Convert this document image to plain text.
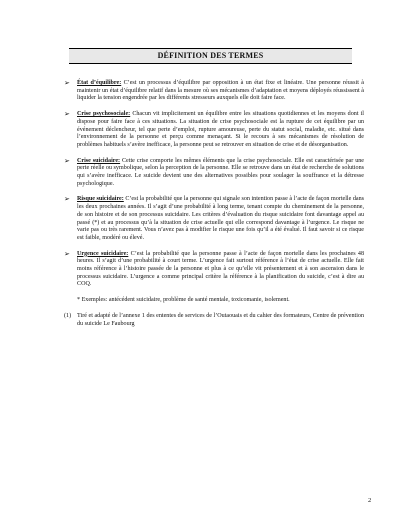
DÉFINITION DES TERMES
➢ État d’équilibre: C’est un processus d’équilibre par opposition à un état fixe et linéaire. Une personne réussit à maintenir un état d’équilibre relatif dans la mesure où ses mécanismes d’adaptation et moyens déployés réussissent à liquider la tension engendrée par les différents stresseurs auxquels elle doit faire face.
➢ Crise psychosociale: Chacun vit implicitement un équilibre entre les situations quotidiennes et les moyens dont il dispose pour faire face à ces situations. La situation de crise psychosociale est la rupture de cet équilibre par un événement déclencheur, tel que perte d’emploi, rupture amoureuse, perte du statut social, maladie, etc. situé dans l’environnement de la personne et perçu comme menaçant. Si le recours à ses mécanismes de résolution de problèmes habituels s’avère inefficace, la personne peut se retrouver en situation de crise et de désorganisation.
➢ Crise suicidaire: Cette crise comporte les mêmes éléments que la crise psychosociale. Elle est caractérisée par une perte réelle ou symbolique, selon la perception de la personne. Elle se retrouve dans un état de recherche de solutions qui s’avère inefficace. Le suicide devient une des alternatives possibles pour soulager la souffrance et la détresse psychologique.
➢ Risque suicidaire: C’est la probabilité que la personne qui signale son intention passe à l’acte de façon mortelle dans les deux prochaines années. Il s’agit d’une probabilité à long terme, tenant compte du cheminement de la personne, de son histoire et de son processus suicidaire. Les critères d’évaluation du risque suicidaire font davantage appel au passé (*) et au processus qu’à la situation de crise actuelle qui elle correspond davantage à l’urgence. Le risque ne varie pas ou très rarement. Vous n’avez pas à modifier le risque une fois qu’il a été évalué. Il faut savoir si ce risque est faible, modéré ou élevé.
➢ Urgence suicidaire: C’est la probabilité que la personne passe à l’acte de façon mortelle dans les prochaines 48 heures. Il s’agit d’une probabilité à court terme. L’urgence fait surtout référence à l’état de crise actuelle. Elle fait moins référence à l’histoire passée de la personne et plus à ce qu’elle vit présentement et à son ascension dans le processus suicidaire. L’urgence a comme principal critère la référence à la planification du suicide, c’est à dire au COQ.
* Exemples: antécédent suicidaire, problème de santé mentale, toxicomanie, isolement.
(1) Tiré et adapté de l’annexe 1 des ententes de services de l’Outaouais et du cahier des formateurs, Centre de prévention du suicide Le Faubourg
2
